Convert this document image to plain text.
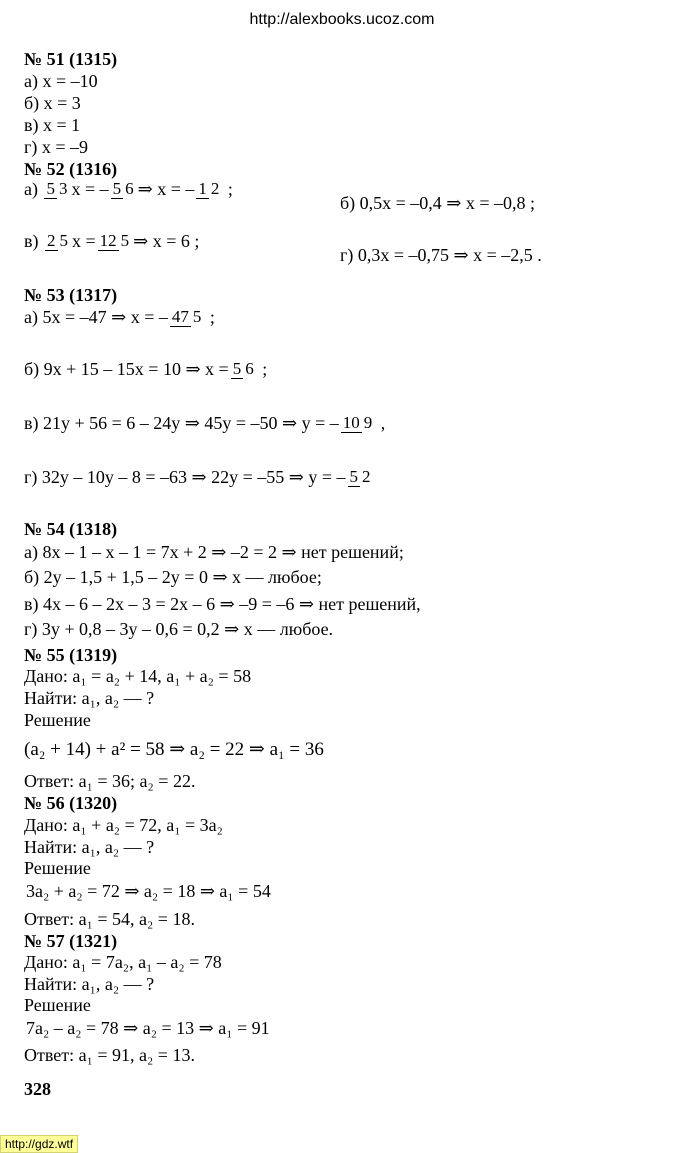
http://alexbooks.ucoz.com
№ 51 (1315)
а) x = –10
б) x = 3
в) x = 1
г) x = –9
№ 52 (1316)
а)
5 3 x = – 5 6 ⇒ x = – 1 2
;
б) 0,5x = –0,4 ⇒ x = –0,8 ;
в)
2 5 x = 12 5 ⇒ x = 6 ;
г) 0,3x = –0,75 ⇒ x = –2,5 .
№ 53 (1317)
а) 5x = –47 ⇒ x = – 47 5
;
б) 9x + 15 – 15x = 10 ⇒ x = 5 6
;
в) 21y + 56 = 6 – 24y ⇒ 45y = –50 ⇒ y = – 10 9
,
г) 32y – 10y – 8 = –63 ⇒ 22y = –55 ⇒ y = – 5 2
№ 54 (1318)
а) 8x – 1 – x – 1 = 7x + 2 ⇒ –2 = 2 ⇒ нет решений;
б) 2y – 1,5 + 1,5 – 2y = 0 ⇒ x — любое;
в) 4x – 6 – 2x – 3 = 2x – 6 ⇒ –9 = –6 ⇒ нет решений,
г) 3y + 0,8 – 3y – 0,6 = 0,2 ⇒ x — любое.
№ 55 (1319)
Дано: a₁ = a₂ + 14, a₁ + a₂ = 58
Найти: a₁, a₂ — ?
Решение
(a₂ + 14) + a² = 58 ⇒ a₂ = 22 ⇒ a₁ = 36
Ответ: a₁ = 36; a₂ = 22.
№ 56 (1320)
Дано: a₁ + a₂ = 72, a₁ = 3a₂
Найти: a₁, a₂ — ?
Решение
3a₂ + a₂ = 72 ⇒ a₂ = 18 ⇒ a₁ = 54
Ответ: a₁ = 54, a₂ = 18.
№ 57 (1321)
Дано: a₁ = 7a₂, a₁ – a₂ = 78
Найти: a₁, a₂ — ?
Решение
7a₂ – a₂ = 78 ⇒ a₂ = 13 ⇒ a₁ = 91
Ответ: a₁ = 91, a₂ = 13.
328
http://gdz.wtf
